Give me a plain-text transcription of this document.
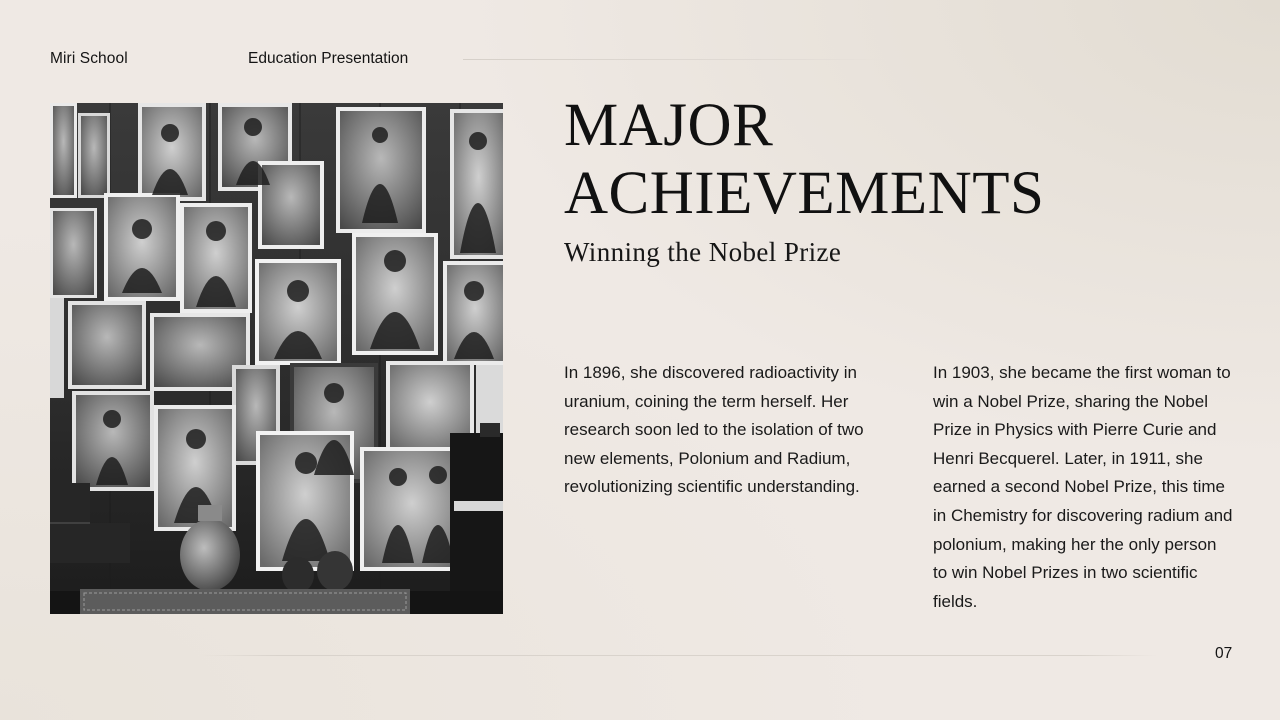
Miri School	Education Presentation
MAJOR ACHIEVEMENTS
Winning the Nobel Prize

In 1896, she discovered radioactivity in uranium, coining the term herself. Her research soon led to the isolation of two new elements, Polonium and Radium, revolutionizing scientific understanding.

In 1903, she became the first woman to win a Nobel Prize, sharing the Nobel Prize in Physics with Pierre Curie and Henri Becquerel. Later, in 1911, she earned a second Nobel Prize, this time in Chemistry for discovering radium and polonium, making her the only person to win Nobel Prizes in two scientific fields.

07
